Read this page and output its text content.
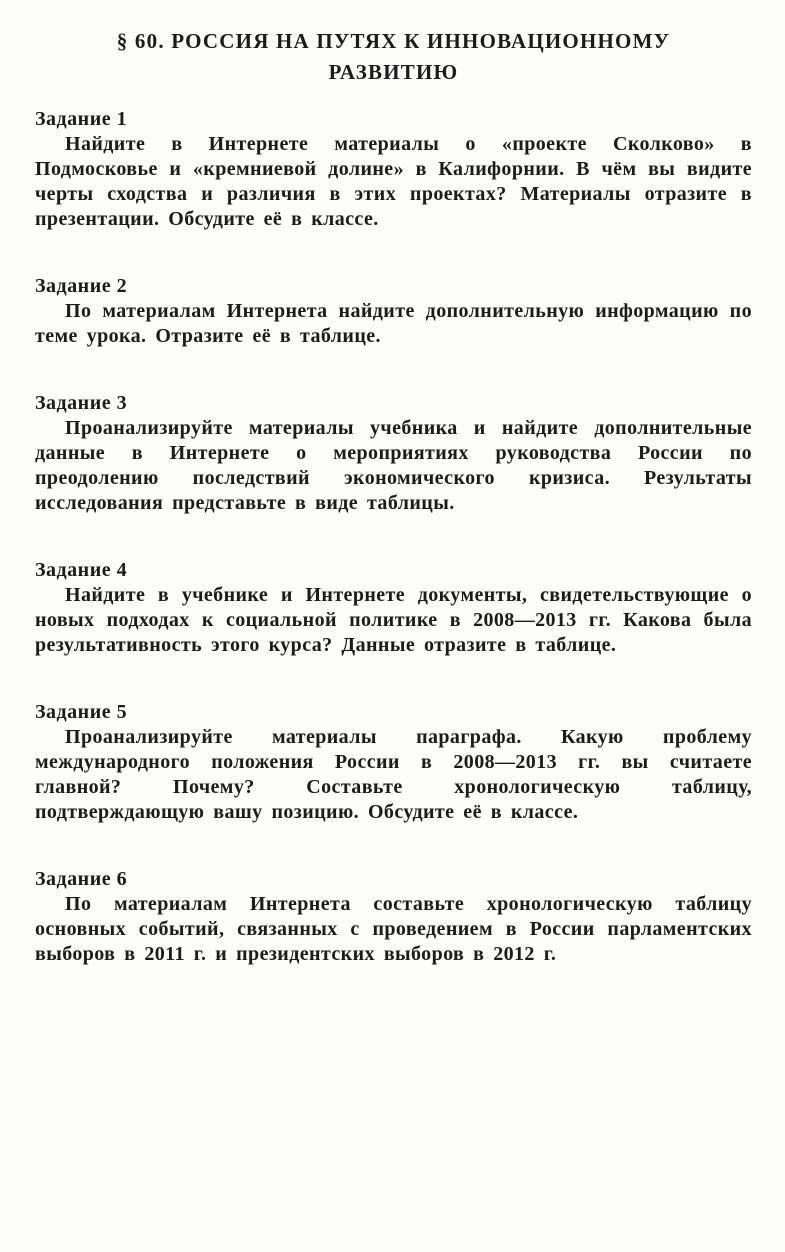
§ 60. РОССИЯ НА ПУТЯХ К ИННОВАЦИОННОМУ РАЗВИТИЮ
Задание 1

Найдите в Интернете материалы о «проекте Сколково» в Подмосковье и «кремниевой долине» в Калифорнии. В чём вы видите черты сходства и различия в этих проектах? Материалы отразите в презентации. Обсудите её в классе.

Задание 2

По материалам Интернета найдите дополнительную информацию по теме урока. Отразите её в таблице.

Задание 3

Проанализируйте материалы учебника и найдите дополнительные данные в Интернете о мероприятиях руководства России по преодолению последствий экономического кризиса. Результаты исследования представьте в виде таблицы.

Задание 4

Найдите в учебнике и Интернете документы, свидетельствующие о новых подходах к социальной политике в 2008—2013 гг. Какова была результативность этого курса? Данные отразите в таблице.

Задание 5

Проанализируйте материалы параграфа. Какую проблему международного положения России в 2008—2013 гг. вы считаете главной? Почему? Составьте хронологическую таблицу, подтверждающую вашу позицию. Обсудите её в классе.

Задание 6

По материалам Интернета составьте хронологическую таблицу основных событий, связанных с проведением в России парламентских выборов в 2011 г. и президентских выборов в 2012 г.
